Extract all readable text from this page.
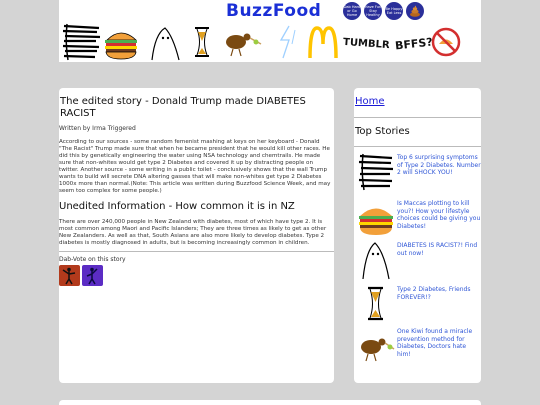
BuzzFood	Dab Hard or Go Home
Have Fun Stay Healthy
Be Happy Eat Less
TUMBLR BFFS?
The edited story - Donald Trump made DIABETES RACIST
Written by Irma Triggered

According to our sources - some random femenist mashing at keys on her keyboard - Donald "The Racist" Trump made sure that when he became president that he would kill other races. He did this by genetically engineering the water using NSA technology and chemtrails. He made sure that non-whites would get type 2 Diabetes and covered it up by distracting people on twitter. Another source - some writing in a public toilet - conclusively shows that the wall Trump wants to build will secrete DNA altering gasses that will make non-whites get type 2 Diabetes 1000x more than normal.(Note: This article was written during Buzzfood Science Week, and may seem too complex for some people.)

Unedited Information - How common it is in NZ

There are over 240,000 people in New Zealand with diabetes, most of which have type 2. It is most common among Maori and Pacific Islanders; They are three times as likely to get as other New Zealanders. As well as that, South Asians are also more likely to develop diabetes. Type 2 diabetes is mostly diagnosed in adults, but is becoming increasingly common in children.

Dab-Vote on this story
Home
Top Stories
Top 6 surprising symptoms of Type 2 Diabetes. Number 2 will SHOCK YOU!
Is Maccas plotting to kill you?! How your lifestyle choices could be giving you Diabetes!
DIABETES IS RACIST?! Find out now!
Type 2 Diabetes, Friends FOREVER!?
One Kiwi found a miracle prevention method for Diabetes, Doctors hate him!
